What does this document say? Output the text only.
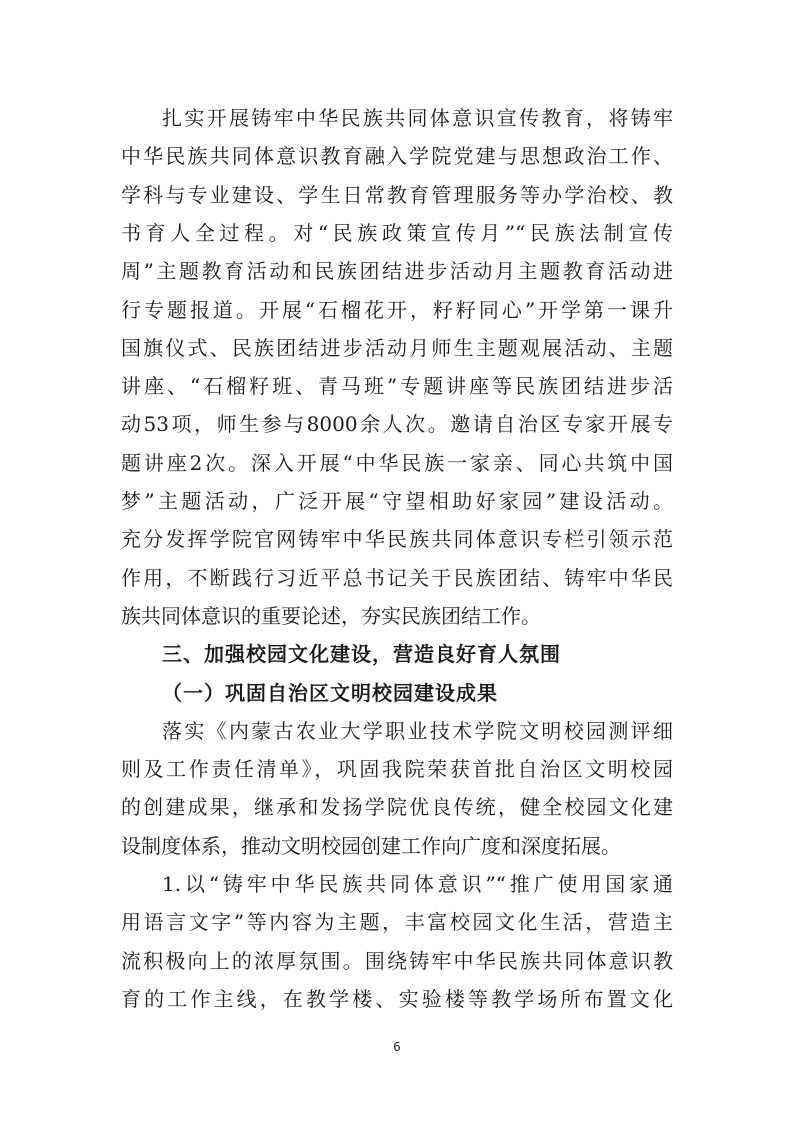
扎实开展铸牢中华民族共同体意识宣传教育，将铸牢
中华民族共同体意识教育融入学院党建与思想政治工作、
学科与专业建设、学生日常教育管理服务等办学治校、教
书育人全过程。对“民族政策宣传月”“民族法制宣传
周”主题教育活动和民族团结进步活动月主题教育活动进
行专题报道。开展“石榴花开，籽籽同心”开学第一课升
国旗仪式、民族团结进步活动月师生主题观展活动、主题
讲座、“石榴籽班、青马班”专题讲座等民族团结进步活
动53项，师生参与8000余人次。邀请自治区专家开展专
题讲座2次。深入开展“中华民族一家亲、同心共筑中国
梦”主题活动，广泛开展“守望相助好家园”建设活动。
充分发挥学院官网铸牢中华民族共同体意识专栏引领示范
作用，不断践行习近平总书记关于民族团结、铸牢中华民
族共同体意识的重要论述，夯实民族团结工作。
三、加强校园文化建设，营造良好育人氛围
（一）巩固自治区文明校园建设成果
落实《内蒙古农业大学职业技术学院文明校园测评细
则及工作责任清单》，巩固我院荣获首批自治区文明校园
的创建成果，继承和发扬学院优良传统，健全校园文化建
设制度体系，推动文明校园创建工作向广度和深度拓展。
1.以“铸牢中华民族共同体意识”“推广使用国家通
用语言文字”等内容为主题，丰富校园文化生活，营造主
流积极向上的浓厚氛围。围绕铸牢中华民族共同体意识教
育的工作主线，在教学楼、实验楼等教学场所布置文化
6
